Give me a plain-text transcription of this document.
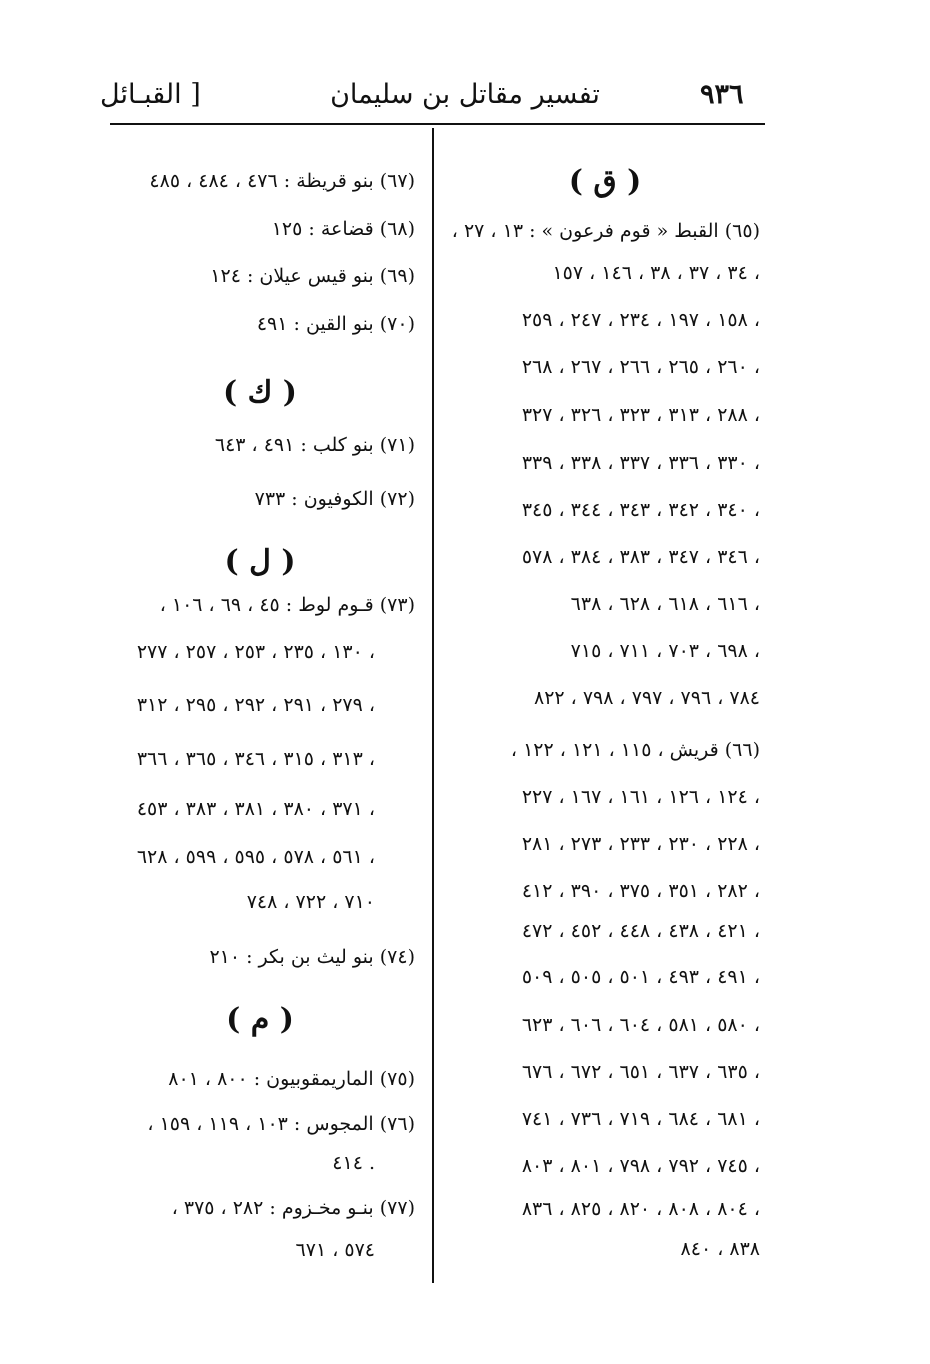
٩٣٦
تفسير مقاتل بن سليمان
[ القبـائل
( ق )
(٦٥) القبط « قوم فرعون » : ١٣ ، ٢٧ ،
٣٤ ، ٣٧ ، ٣٨ ، ١٤٦ ، ١٥٧ ،
١٥٨ ، ١٩٧ ، ٢٣٤ ، ٢٤٧ ، ٢٥٩ ،
٢٦٠ ، ٢٦٥ ، ٢٦٦ ، ٢٦٧ ، ٢٦٨ ،
٢٨٨ ، ٣١٣ ، ٣٢٣ ، ٣٢٦ ، ٣٢٧ ،
٣٣٠ ، ٣٣٦ ، ٣٣٧ ، ٣٣٨ ، ٣٣٩ ،
٣٤٠ ، ٣٤٢ ، ٣٤٣ ، ٣٤٤ ، ٣٤٥ ،
٣٤٦ ، ٣٤٧ ، ٣٨٣ ، ٣٨٤ ، ٥٧٨ ،
٦١٦ ، ٦١٨ ، ٦٢٨ ، ٦٣٨ ،
٦٩٨ ، ٧٠٣ ، ٧١١ ، ٧١٥ ،
٧٨٤ ، ٧٩٦ ، ٧٩٧ ، ٧٩٨ ، ٨٢٢
(٦٦) قريش ، ١١٥ ، ١٢١ ، ١٢٢ ،
١٢٤ ، ١٢٦ ، ١٦١ ، ١٦٧ ، ٢٢٧ ،
٢٢٨ ، ٢٣٠ ، ٢٣٣ ، ٢٧٣ ، ٢٨١ ،
٢٨٢ ، ٣٥١ ، ٣٧٥ ، ٣٩٠ ، ٤١٢ ،
٤٢١ ، ٤٣٨ ، ٤٤٨ ، ٤٥٢ ، ٤٧٢ ،
٤٩١ ، ٤٩٣ ، ٥٠١ ، ٥٠٥ ، ٥٠٩ ،
٥٨٠ ، ٥٨١ ، ٦٠٤ ، ٦٠٦ ، ٦٢٣ ،
٦٣٥ ، ٦٣٧ ، ٦٥١ ، ٦٧٢ ، ٦٧٦ ،
٦٨١ ، ٦٨٤ ، ٧١٩ ، ٧٣٦ ، ٧٤١ ،
٧٤٥ ، ٧٩٢ ، ٧٩٨ ، ٨٠١ ، ٨٠٣ ،
٨٠٤ ، ٨٠٨ ، ٨٢٠ ، ٨٢٥ ، ٨٣٦ ،
٨٣٨ ، ٨٤٠
(٦٧) بنو قريظة : ٤٧٦ ، ٤٨٤ ، ٤٨٥
(٦٨) قضاعة : ١٢٥
(٦٩) بنو قيس عيلان : ١٢٤
(٧٠) بنو القين : ٤٩١
( ك )
(٧١) بنو كلب : ٤٩١ ، ٦٤٣
(٧٢) الكوفيون : ٧٣٣
( ل )
(٧٣) قـوم لوط : ٤٥ ، ٦٩ ، ١٠٦ ،
١٣٠ ، ٢٣٥ ، ٢٥٣ ، ٢٥٧ ، ٢٧٧ ،
٢٧٩ ، ٢٩١ ، ٢٩٢ ، ٢٩٥ ، ٣١٢ ،
٣١٣ ، ٣١٥ ، ٣٤٦ ، ٣٦٥ ، ٣٦٦ ،
٣٧١ ، ٣٨٠ ، ٣٨١ ، ٣٨٣ ، ٤٥٣ ،
٥٦١ ، ٥٧٨ ، ٥٩٥ ، ٥٩٩ ، ٦٢٨ ،
٧١٠ ، ٧٢٢ ، ٧٤٨
(٧٤) بنو ليث بن بكر : ٢١٠
( م )
(٧٥) الماريمقوبيون : ٨٠٠ ، ٨٠١
(٧٦) المجوس : ١٠٣ ، ١١٩ ، ١٥٩ ،
٤١٤ .
(٧٧) بنـو مخـزوم : ٢٨٢ ، ٣٧٥ ،
٥٧٤ ، ٦٧١
